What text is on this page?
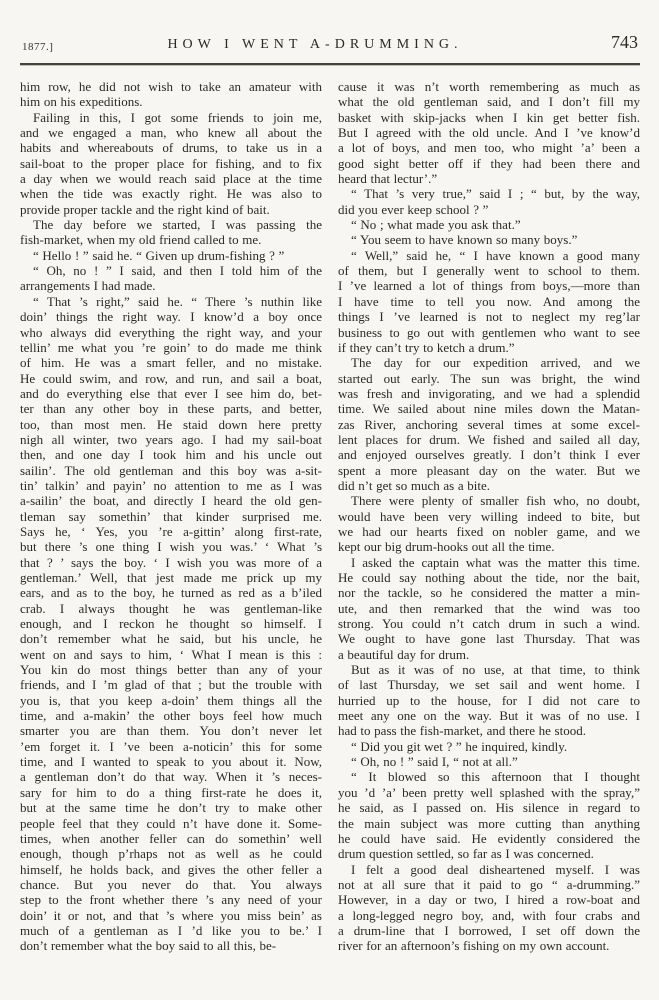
1877.]	HOW I WENT A-DRUMMING.	743
him row, he did not wish to take an amateur with
him on his expeditions.
Failing in this, I got some friends to join me,
and we engaged a man, who knew all about the
habits and whereabouts of drums, to take us in a
sail-boat to the proper place for fishing, and to fix
a day when we would reach said place at the time
when the tide was exactly right. He was also to
provide proper tackle and the right kind of bait.
The day before we started, I was passing the
fish-market, when my old friend called to me.
“ Hello ! ” said he. “ Given up drum-fishing ? ”
“ Oh, no ! ” I said, and then I told him of the
arrangements I had made.
“ That ’s right,” said he. “ There ’s nuthin like
doin’ things the right way. I know’d a boy once
who always did everything the right way, and your
tellin’ me what you ’re goin’ to do made me think
of him. He was a smart feller, and no mistake.
He could swim, and row, and run, and sail a boat,
and do everything else that ever I see him do, bet-
ter than any other boy in these parts, and better,
too, than most men. He staid down here pretty
nigh all winter, two years ago. I had my sail-boat
then, and one day I took him and his uncle out
sailin’. The old gentleman and this boy was a-sit-
tin’ talkin’ and payin’ no attention to me as I was
a-sailin’ the boat, and directly I heard the old gen-
tleman say somethin’ that kinder surprised me.
Says he, ‘ Yes, you ’re a-gittin’ along first-rate,
but there ’s one thing I wish you was.’ ‘ What ’s
that ? ’ says the boy. ‘ I wish you was more of a
gentleman.’ Well, that jest made me prick up my
ears, and as to the boy, he turned as red as a b’iled
crab. I always thought he was gentleman-like
enough, and I reckon he thought so himself. I
don’t remember what he said, but his uncle, he
went on and says to him, ‘ What I mean is this :
You kin do most things better than any of your
friends, and I ’m glad of that ; but the trouble with
you is, that you keep a-doin’ them things all the
time, and a-makin’ the other boys feel how much
smarter you are than them. You don’t never let
’em forget it. I ’ve been a-noticin’ this for some
time, and I wanted to speak to you about it. Now,
a gentleman don’t do that way. When it ’s neces-
sary for him to do a thing first-rate he does it,
but at the same time he don’t try to make other
people feel that they could n’t have done it. Some-
times, when another feller can do somethin’ well
enough, though p’rhaps not as well as he could
himself, he holds back, and gives the other feller a
chance. But you never do that. You always
step to the front whether there ’s any need of your
doin’ it or not, and that ’s where you miss bein’ as
much of a gentleman as I ’d like you to be.’ I
don’t remember what the boy said to all this, be-
cause it was n’t worth remembering as much as
what the old gentleman said, and I don’t fill my
basket with skip-jacks when I kin get better fish.
But I agreed with the old uncle. And I ’ve know’d
a lot of boys, and men too, who might ’a’ been a
good sight better off if they had been there and
heard that lectur’.”
“ That ’s very true,” said I ; “ but, by the way,
did you ever keep school ? ”
“ No ; what made you ask that.”
“ You seem to have known so many boys.”
“ Well,” said he, “ I have known a good many
of them, but I generally went to school to them.
I ’ve learned a lot of things from boys,—more than
I have time to tell you now. And among the
things I ’ve learned is not to neglect my reg’lar
business to go out with gentlemen who want to see
if they can’t try to ketch a drum.”
The day for our expedition arrived, and we
started out early. The sun was bright, the wind
was fresh and invigorating, and we had a splendid
time. We sailed about nine miles down the Matan-
zas River, anchoring several times at some excel-
lent places for drum. We fished and sailed all day,
and enjoyed ourselves greatly. I don’t think I ever
spent a more pleasant day on the water. But we
did n’t get so much as a bite.
There were plenty of smaller fish who, no doubt,
would have been very willing indeed to bite, but
we had our hearts fixed on nobler game, and we
kept our big drum-hooks out all the time.
I asked the captain what was the matter this time.
He could say nothing about the tide, nor the bait,
nor the tackle, so he considered the matter a min-
ute, and then remarked that the wind was too
strong. You could n’t catch drum in such a wind.
We ought to have gone last Thursday. That was
a beautiful day for drum.
But as it was of no use, at that time, to think
of last Thursday, we set sail and went home. I
hurried up to the house, for I did not care to
meet any one on the way. But it was of no use. I
had to pass the fish-market, and there he stood.
“ Did you git wet ? ” he inquired, kindly.
“ Oh, no ! ” said I, “ not at all.”
“ It blowed so this afternoon that I thought
you ’d ’a’ been pretty well splashed with the spray,”
he said, as I passed on. His silence in regard to
the main subject was more cutting than anything
he could have said. He evidently considered the
drum question settled, so far as I was concerned.
I felt a good deal disheartened myself. I was
not at all sure that it paid to go “ a-drumming.”
However, in a day or two, I hired a row-boat and
a long-legged negro boy, and, with four crabs and
a drum-line that I borrowed, I set off down the
river for an afternoon’s fishing on my own account.
